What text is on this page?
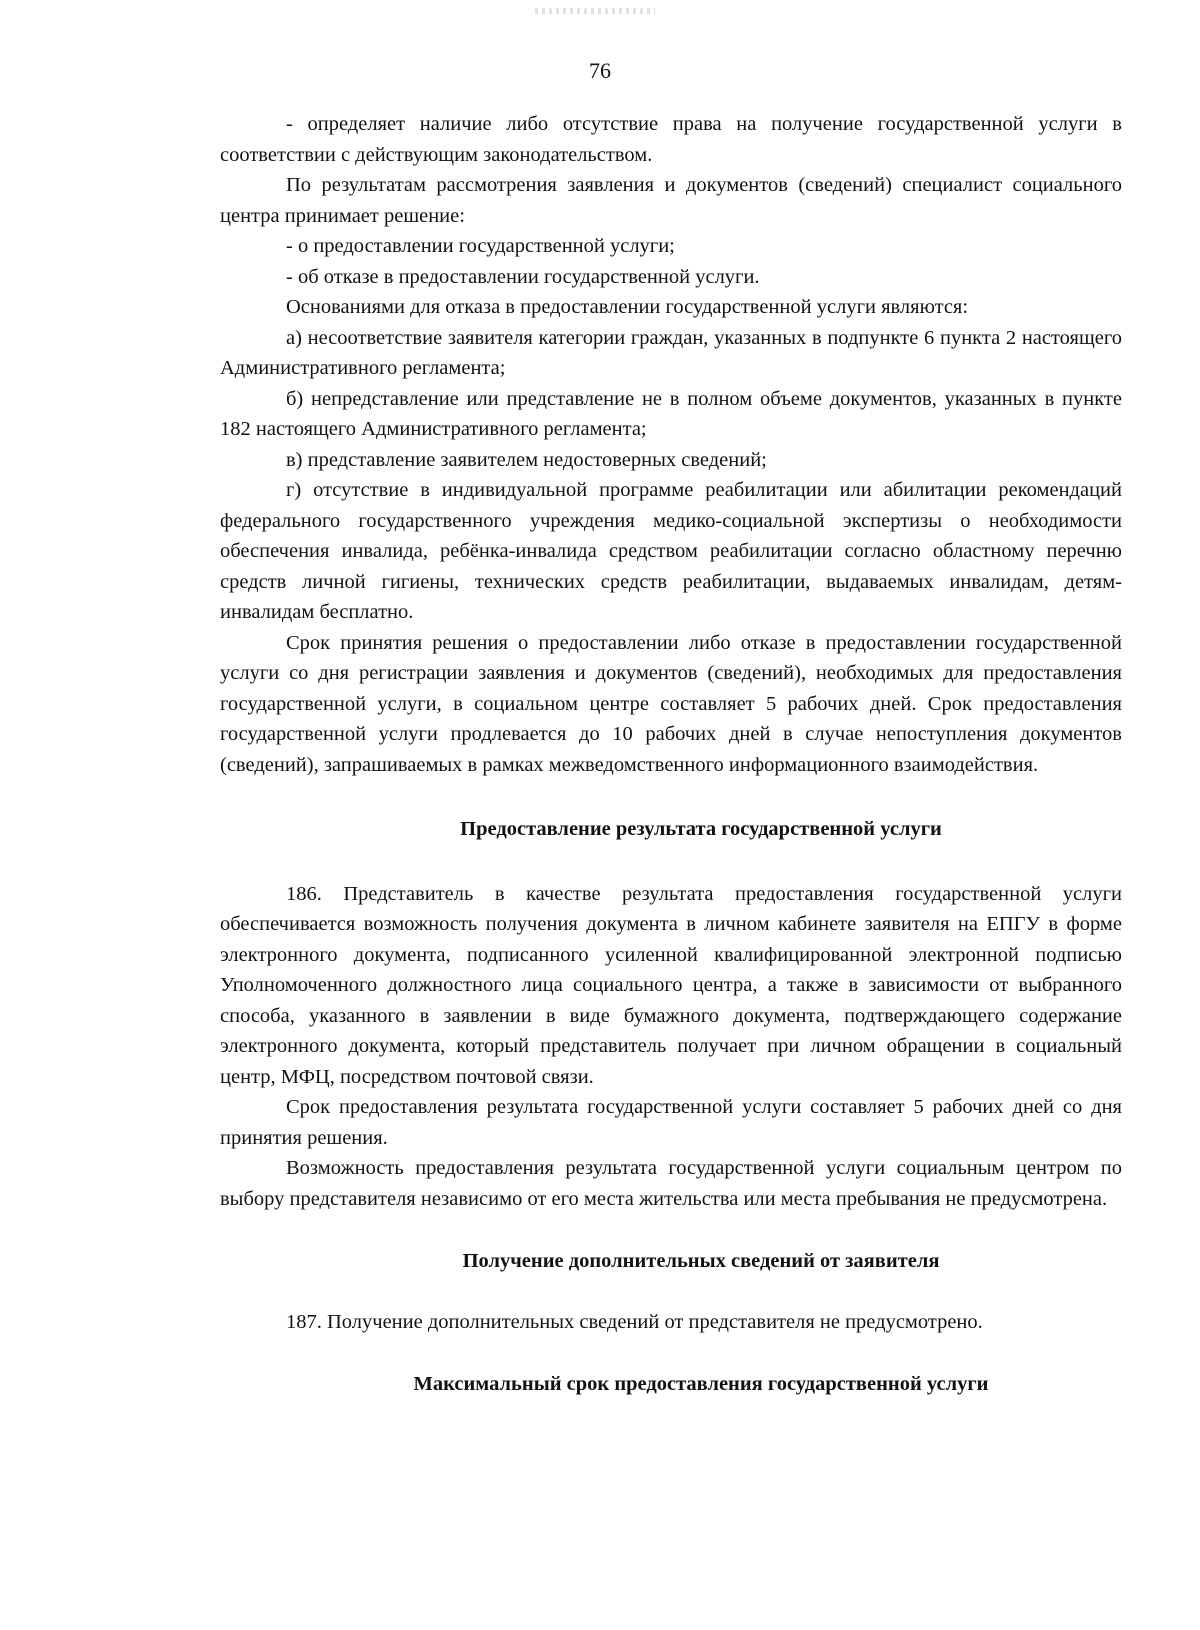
76

- определяет наличие либо отсутствие права на получение государственной услуги в соответствии с действующим законодательством.

По результатам рассмотрения заявления и документов (сведений) специалист социального центра принимает решение:

- о предоставлении государственной услуги;

- об отказе в предоставлении государственной услуги.

Основаниями для отказа в предоставлении государственной услуги являются:

а) несоответствие заявителя категории граждан, указанных в подпункте 6 пункта 2 настоящего Административного регламента;

б) непредставление или представление не в полном объеме документов, указанных в пункте 182 настоящего Административного регламента;

в) представление заявителем недостоверных сведений;

г) отсутствие в индивидуальной программе реабилитации или абилитации рекомендаций федерального государственного учреждения медико-социальной экспертизы о необходимости обеспечения инвалида, ребёнка-инвалида средством реабилитации согласно областному перечню средств личной гигиены, технических средств реабилитации, выдаваемых инвалидам, детям-инвалидам бесплатно.

Срок принятия решения о предоставлении либо отказе в предоставлении государственной услуги со дня регистрации заявления и документов (сведений), необходимых для предоставления государственной услуги, в социальном центре составляет 5 рабочих дней. Срок предоставления государственной услуги продлевается до 10 рабочих дней в случае непоступления документов (сведений), запрашиваемых в рамках межведомственного информационного взаимодействия.

Предоставление результата государственной услуги

186. Представитель в качестве результата предоставления государственной услуги обеспечивается возможность получения документа в личном кабинете заявителя на ЕПГУ в форме электронного документа, подписанного усиленной квалифицированной электронной подписью Уполномоченного должностного лица социального центра, а также в зависимости от выбранного способа, указанного в заявлении в виде бумажного документа, подтверждающего содержание электронного документа, который представитель получает при личном обращении в социальный центр, МФЦ, посредством почтовой связи.

Срок предоставления результата государственной услуги составляет 5 рабочих дней со дня принятия решения.

Возможность предоставления результата государственной услуги социальным центром по выбору представителя независимо от его места жительства или места пребывания не предусмотрена.

Получение дополнительных сведений от заявителя

187. Получение дополнительных сведений от представителя не предусмотрено.

Максимальный срок предоставления государственной услуги
